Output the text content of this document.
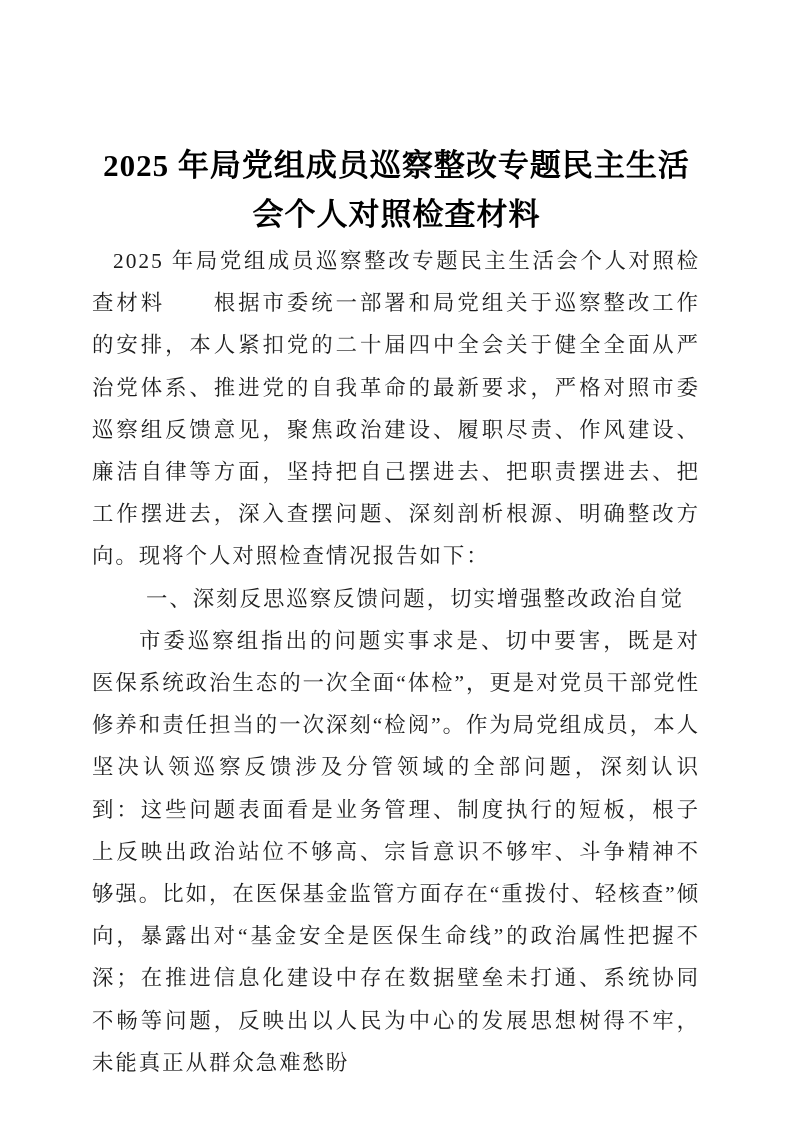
2025 年局党组成员巡察整改专题民主生活
会个人对照检查材料

2025 年局党组成员巡察整改专题民主生活会个人对照检查材料　　根据市委统一部署和局党组关于巡察整改工作的安排，本人紧扣党的二十届四中全会关于健全全面从严治党体系、推进党的自我革命的最新要求，严格对照市委巡察组反馈意见，聚焦政治建设、履职尽责、作风建设、廉洁自律等方面，坚持把自己摆进去、把职责摆进去、把工作摆进去，深入查摆问题、深刻剖析根源、明确整改方向。现将个人对照检查情况报告如下：

一、深刻反思巡察反馈问题，切实增强整改政治自觉

市委巡察组指出的问题实事求是、切中要害，既是对医保系统政治生态的一次全面“体检”，更是对党员干部党性修养和责任担当的一次深刻“检阅”。作为局党组成员，本人坚决认领巡察反馈涉及分管领域的全部问题，深刻认识到：这些问题表面看是业务管理、制度执行的短板，根子上反映出政治站位不够高、宗旨意识不够牢、斗争精神不够强。比如，在医保基金监管方面存在“重拨付、轻核查”倾向，暴露出对“基金安全是医保生命线”的政治属性把握不深；在推进信息化建设中存在数据壁垒未打通、系统协同不畅等问题，反映出以人民为中心的发展思想树得不牢，未能真正从群众急难愁盼
